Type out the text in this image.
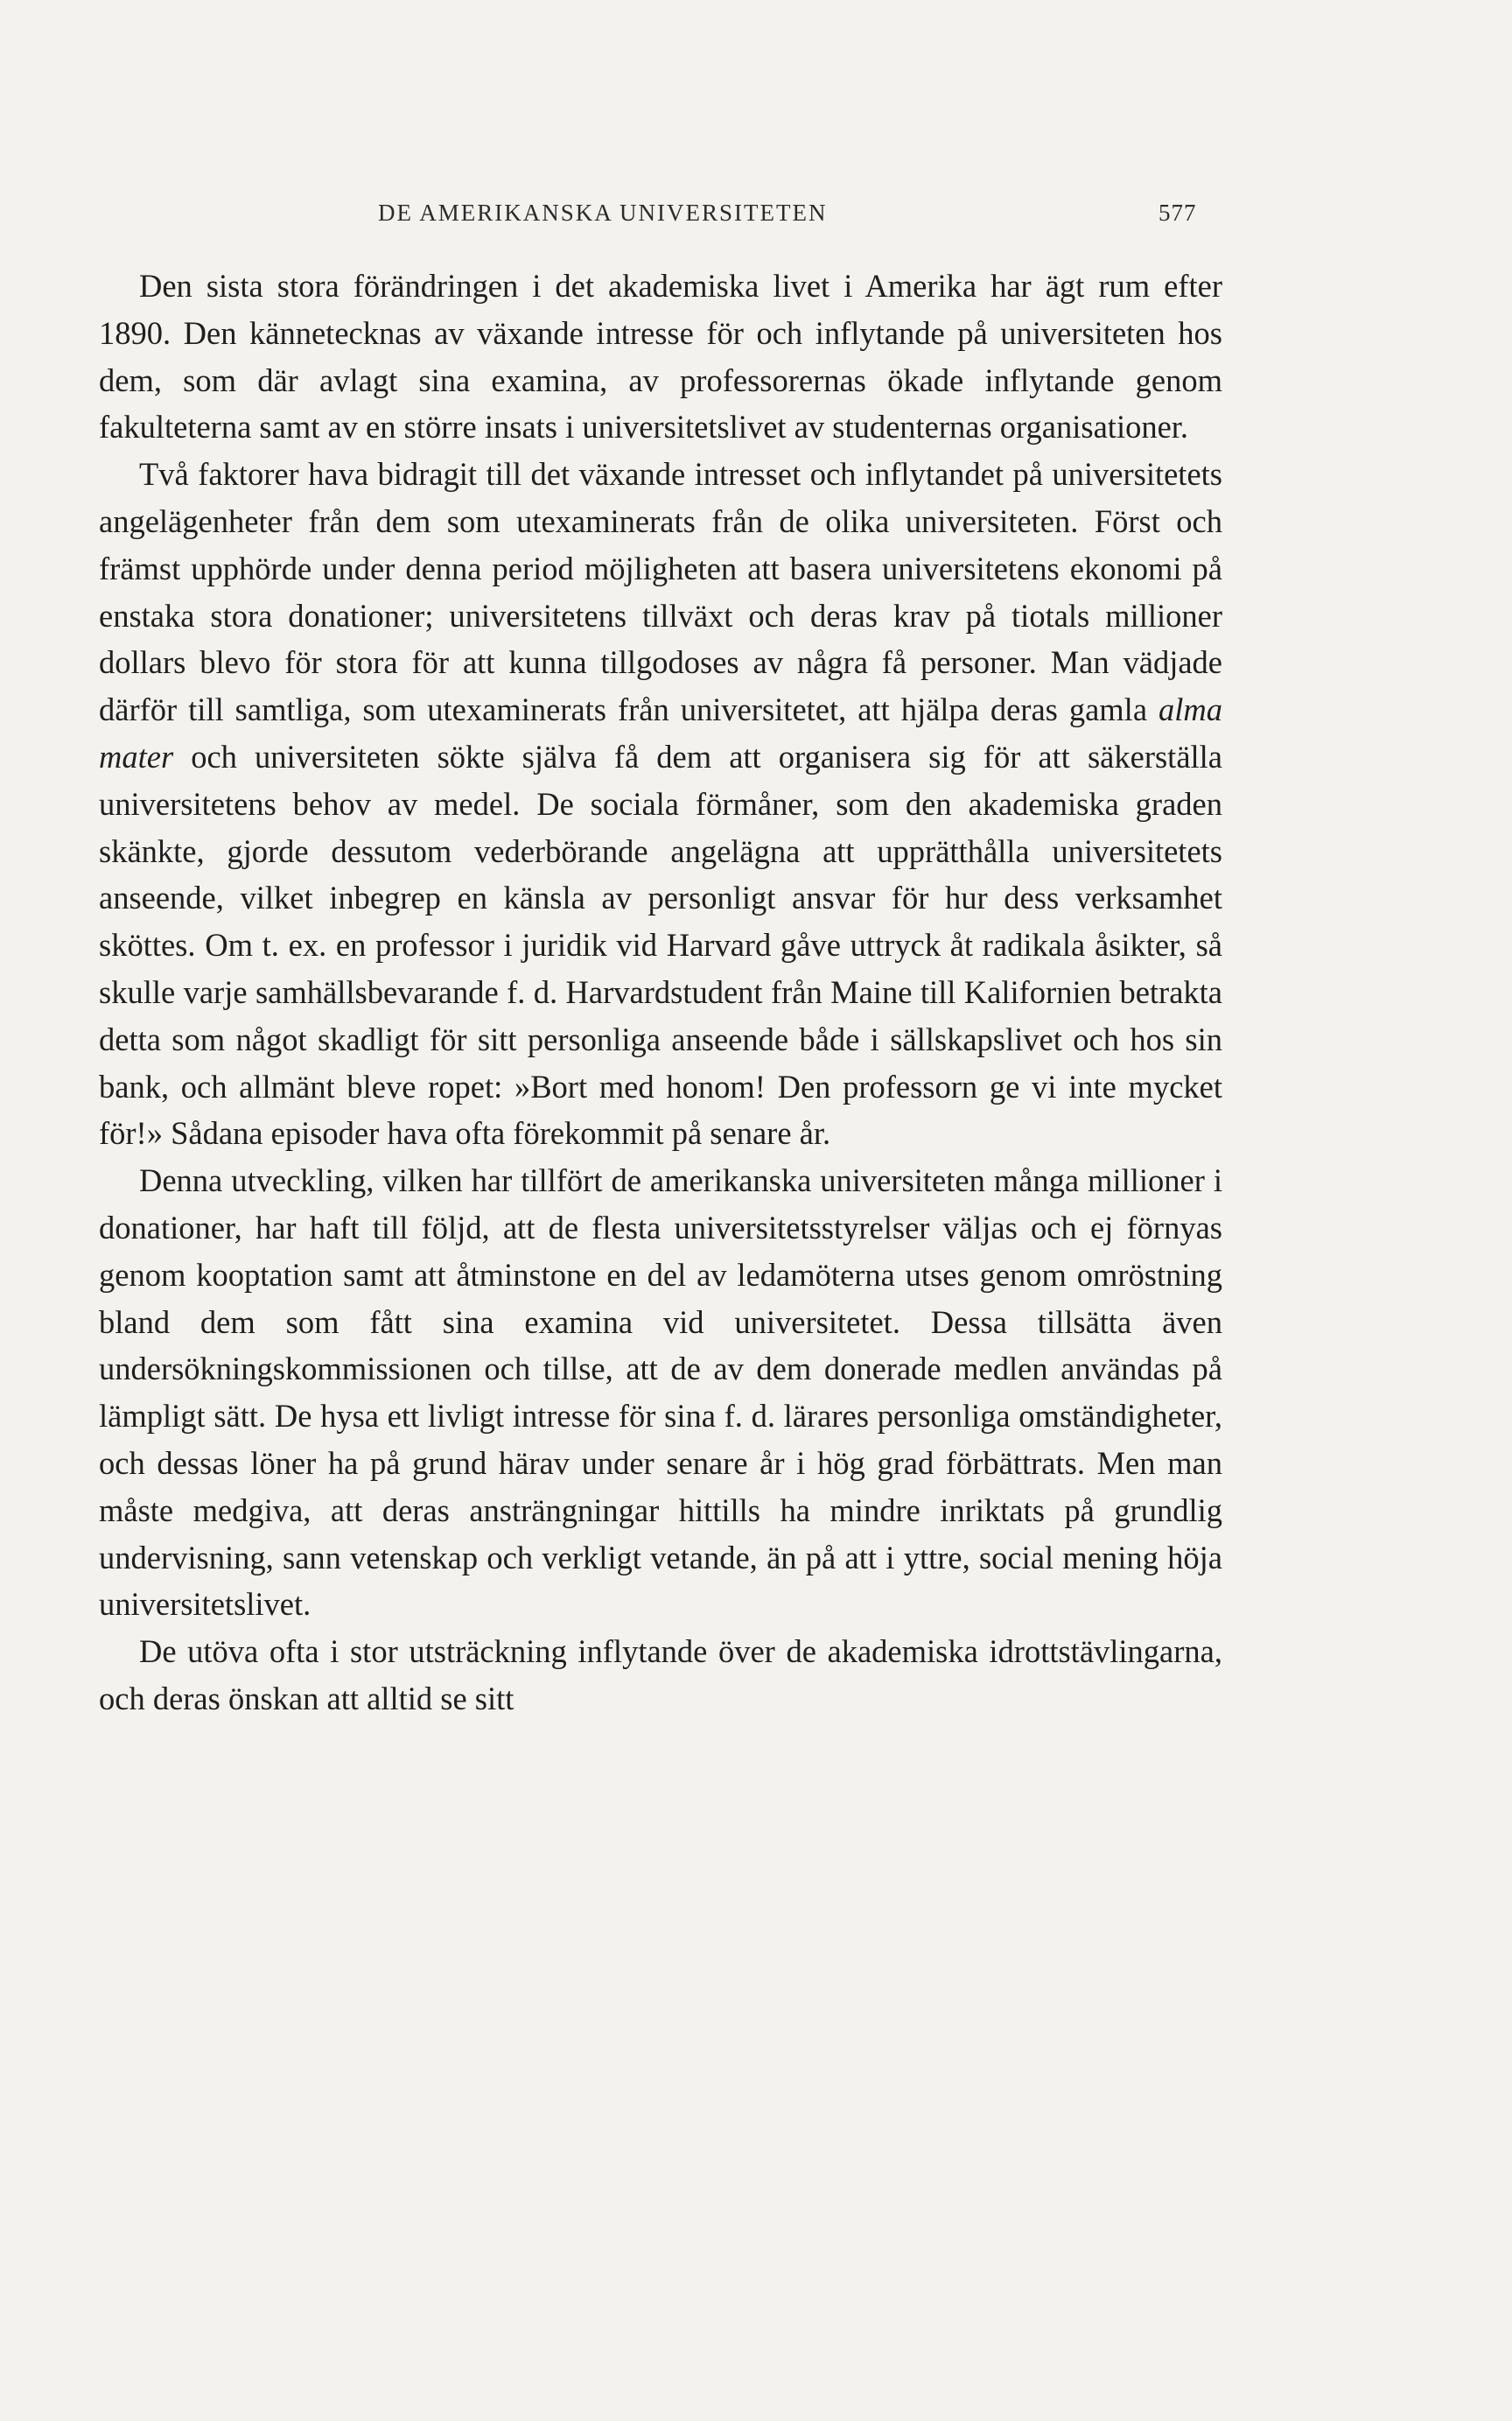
DE AMERIKANSKA UNIVERSITETEN	577

Den sista stora förändringen i det akademiska livet i Amerika har ägt rum efter 1890. Den kännetecknas av växande intresse för och inflytande på universiteten hos dem, som där avlagt sina examina, av professorernas ökade inflytande genom fakulteterna samt av en större insats i universitetslivet av studenternas organisationer.

Två faktorer hava bidragit till det växande intresset och inflytandet på universitetets angelägenheter från dem som utexaminerats från de olika universiteten. Först och främst upphörde under denna period möjligheten att basera universitetens ekonomi på enstaka stora donationer; universitetens tillväxt och deras krav på tiotals millioner dollars blevo för stora för att kunna tillgodoses av några få personer. Man vädjade därför till samtliga, som utexaminerats från universitetet, att hjälpa deras gamla alma mater och universiteten sökte själva få dem att organisera sig för att säkerställa universitetens behov av medel. De sociala förmåner, som den akademiska graden skänkte, gjorde dessutom vederbörande angelägna att upprätthålla universitetets anseende, vilket inbegrep en känsla av personligt ansvar för hur dess verksamhet sköttes. Om t. ex. en professor i juridik vid Harvard gåve uttryck åt radikala åsikter, så skulle varje samhällsbevarande f. d. Harvardstudent från Maine till Kalifornien betrakta detta som något skadligt för sitt personliga anseende både i sällskapslivet och hos sin bank, och allmänt bleve ropet: »Bort med honom! Den professorn ge vi inte mycket för!» Sådana episoder hava ofta förekommit på senare år.

Denna utveckling, vilken har tillfört de amerikanska universiteten många millioner i donationer, har haft till följd, att de flesta universitetsstyrelser väljas och ej förnyas genom kooptation samt att åtminstone en del av ledamöterna utses genom omröstning bland dem som fått sina examina vid universitetet. Dessa tillsätta även undersökningskommissionen och tillse, att de av dem donerade medlen användas på lämpligt sätt. De hysa ett livligt intresse för sina f. d. lärares personliga omständigheter, och dessas löner ha på grund härav under senare år i hög grad förbättrats. Men man måste medgiva, att deras ansträngningar hittills ha mindre inriktats på grundlig undervisning, sann vetenskap och verkligt vetande, än på att i yttre, social mening höja universitetslivet.

De utöva ofta i stor utsträckning inflytande över de akademiska idrottstävlingarna, och deras önskan att alltid se sitt
